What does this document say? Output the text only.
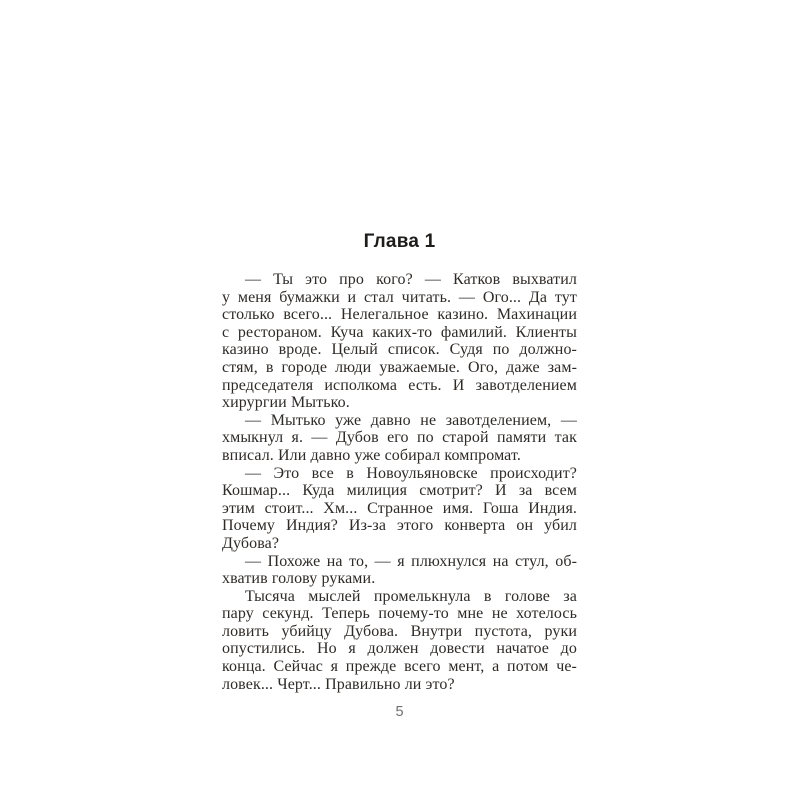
Глава 1
— Ты это про кого? — Катков выхватил
у меня бумажки и стал читать. — Ого... Да тут
столько всего... Нелегальное казино. Махинации
с рестораном. Куча каких-то фамилий. Клиенты
казино вроде. Целый список. Судя по должно-
стям, в городе люди уважаемые. Ого, даже зам-
председателя исполкома есть. И завотделением
хирургии Мытько.
— Мытько уже давно не завотделением, —
хмыкнул я. — Дубов его по старой памяти так
вписал. Или давно уже собирал компромат.
— Это все в Новоульяновске происходит?
Кошмар... Куда милиция смотрит? И за всем
этим стоит... Хм... Странное имя. Гоша Индия.
Почему Индия? Из-за этого конверта он убил
Дубова?
— Похоже на то, — я плюхнулся на стул, об-
хватив голову руками.
Тысяча мыслей промелькнула в голове за
пару секунд. Теперь почему-то мне не хотелось
ловить убийцу Дубова. Внутри пустота, руки
опустились. Но я должен довести начатое до
конца. Сейчас я прежде всего мент, а потом че-
ловек... Черт... Правильно ли это?
5
